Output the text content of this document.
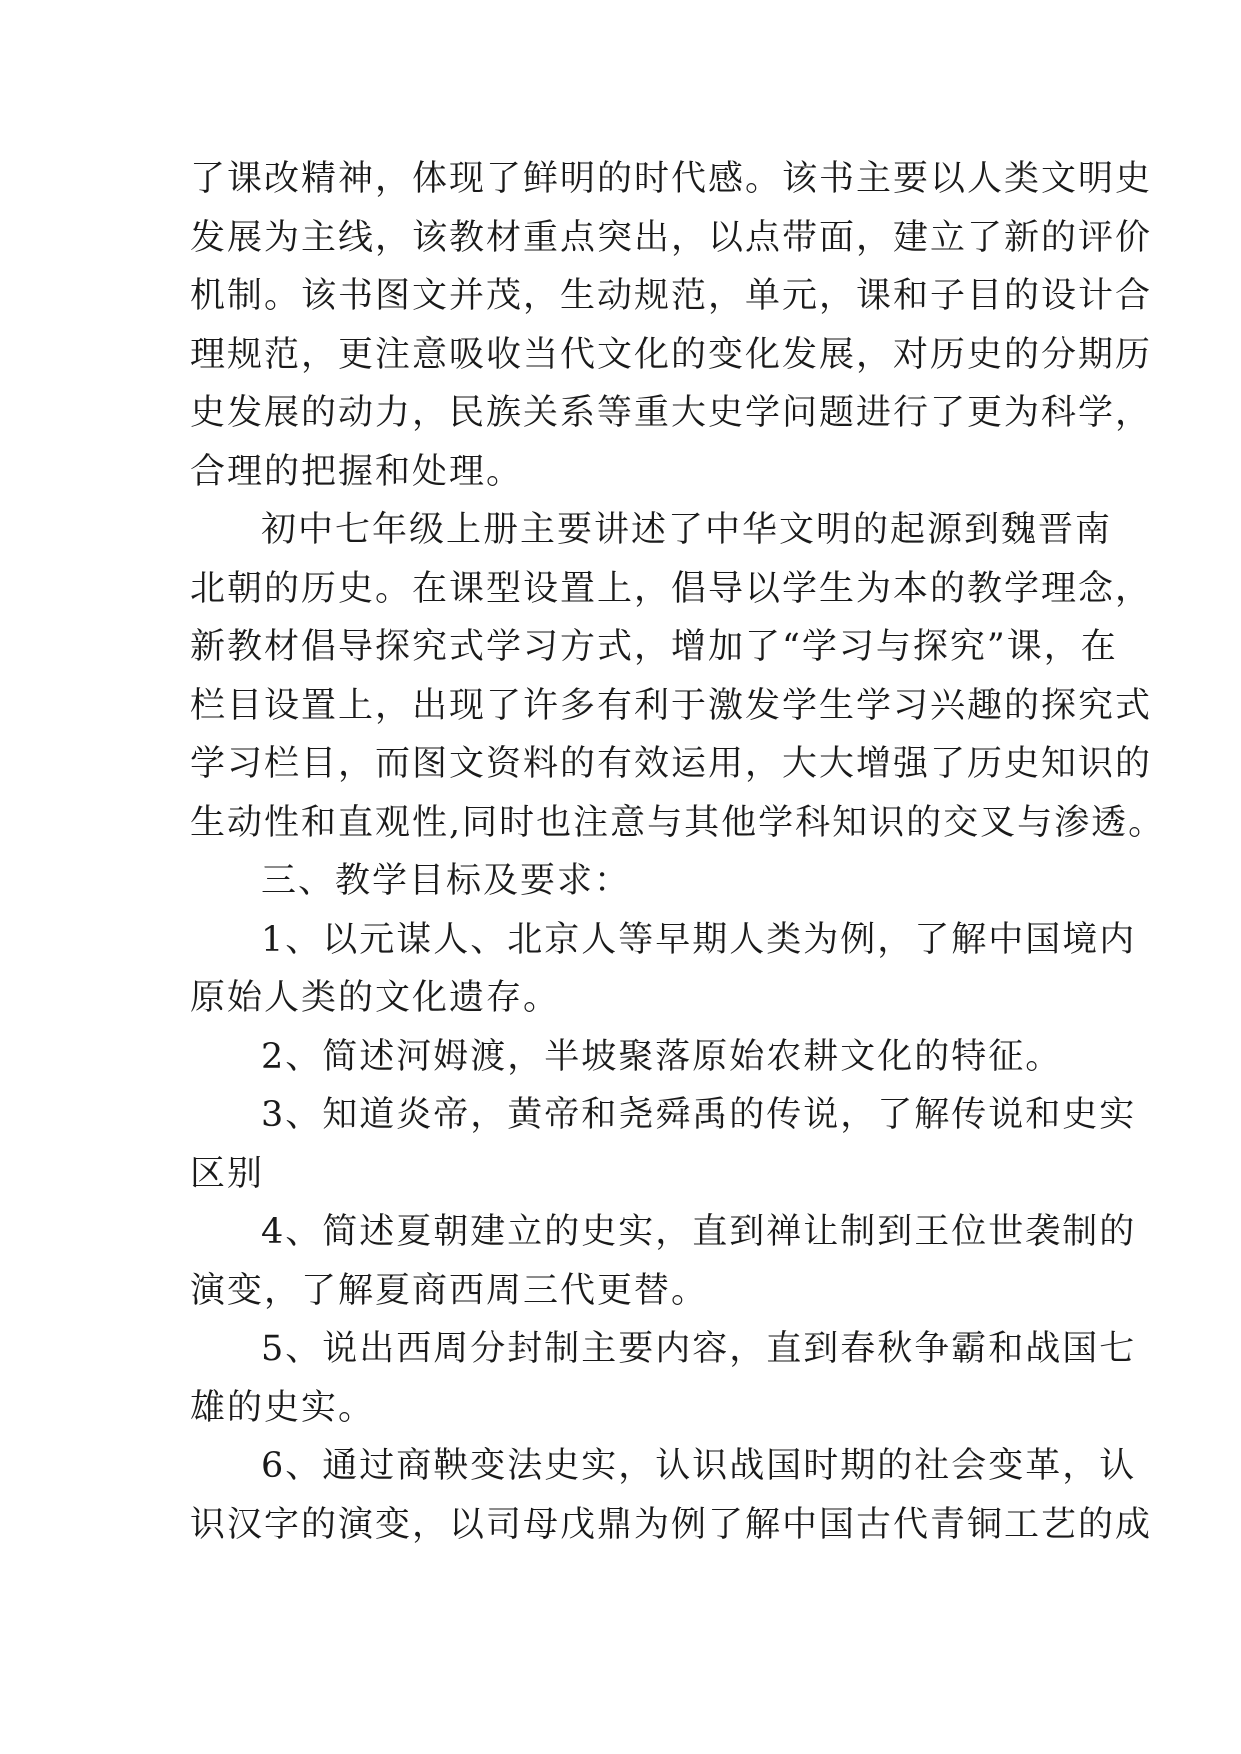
了课改精神，体现了鲜明的时代感。该书主要以人类文明史
发展为主线，该教材重点突出，以点带面，建立了新的评价
机制。该书图文并茂，生动规范，单元，课和子目的设计合
理规范，更注意吸收当代文化的变化发展，对历史的分期历
史发展的动力，民族关系等重大史学问题进行了更为科学，
合理的把握和处理。
初中七年级上册主要讲述了中华文明的起源到魏晋南
北朝的历史。在课型设置上，倡导以学生为本的教学理念，
新教材倡导探究式学习方式，增加了“学习与探究”课，在
栏目设置上，出现了许多有利于激发学生学习兴趣的探究式
学习栏目，而图文资料的有效运用，大大增强了历史知识的
生动性和直观性,同时也注意与其他学科知识的交叉与渗透。
三、教学目标及要求：
1、以元谋人、北京人等早期人类为例，了解中国境内
原始人类的文化遗存。
2、简述河姆渡，半坡聚落原始农耕文化的特征。
3、知道炎帝，黄帝和尧舜禹的传说，了解传说和史实
区别
4、简述夏朝建立的史实，直到禅让制到王位世袭制的
演变，了解夏商西周三代更替。
5、说出西周分封制主要内容，直到春秋争霸和战国七
雄的史实。
6、通过商鞅变法史实，认识战国时期的社会变革，认
识汉字的演变，以司母戊鼎为例了解中国古代青铜工艺的成
